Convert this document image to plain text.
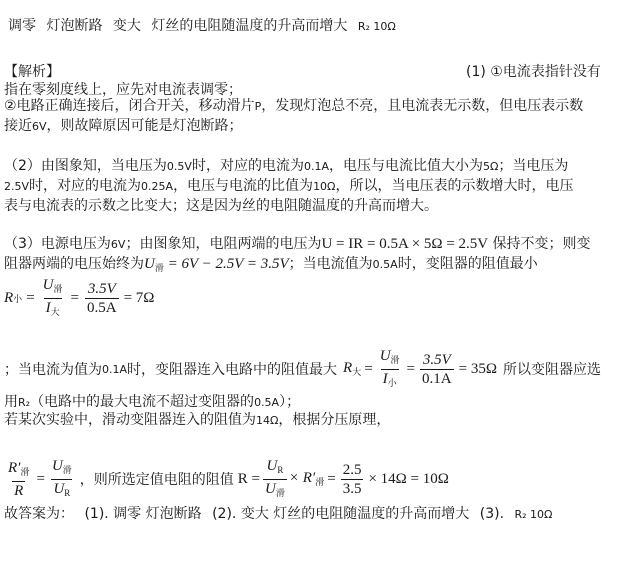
调零 灯泡断路 变大 灯丝的电阻随温度的升高而增大 R₂ 10Ω
【解析】	(1) ①电流表指针没有
指在零刻度线上，应先对电流表调零；
②电路正确连接后，闭合开关，移动滑片P，发现灯泡总不亮，且电流表无示数，但电压表示数
接近6V，则故障原因可能是灯泡断路；
（2）由图象知，当电压为0.5V时，对应的电流为0.1A，电压与电流比值大小为5Ω；当电压为
2.5V时，对应的电流为0.25A，电压与电流的比值为10Ω，所以，当电压表的示数增大时，电压
表与电流表的示数之比变大；这是因为丝的电阻随温度的升高而增大。
（3）电源电压为6V；由图象知，电阻两端的电压为U = IR = 0.5A × 5Ω = 2.5V 保持不变；则变
阻器两端的电压始终为$U_滑 = 6V - 2.5V = 3.5V$；当电流值为0.5A时，变阻器的阻值最小
R 小 = $\frac{U_滑}{I_大} = \frac{3.5V}{0.5A} = 7\Omega$
；当电流为值为 0.1A 时，变阻器连入电路中的阻值最大 $R_大 = \frac{U_滑}{I_小} = \frac{3.5V}{0.1A} = 35\Omega$ 所以变阻器应选
用R₂（电路中的最大电流不超过变阻器的0.5A）；
若某次实验中，滑动变阻器连入的阻值为14Ω，根据分压原理，
$\frac{R'_滑}{R} = \frac{U_滑}{U_R}$ ，则所选定值电阻的阻值 $R = \frac{U_R}{U_滑} \times R'_滑 = \frac{2.5}{3.5} \times 14\Omega = 10\Omega$
故答案为： (1). 调零 灯泡断路 (2). 变大 灯丝的电阻随温度的升高而增大 (3). R₂ 10Ω
